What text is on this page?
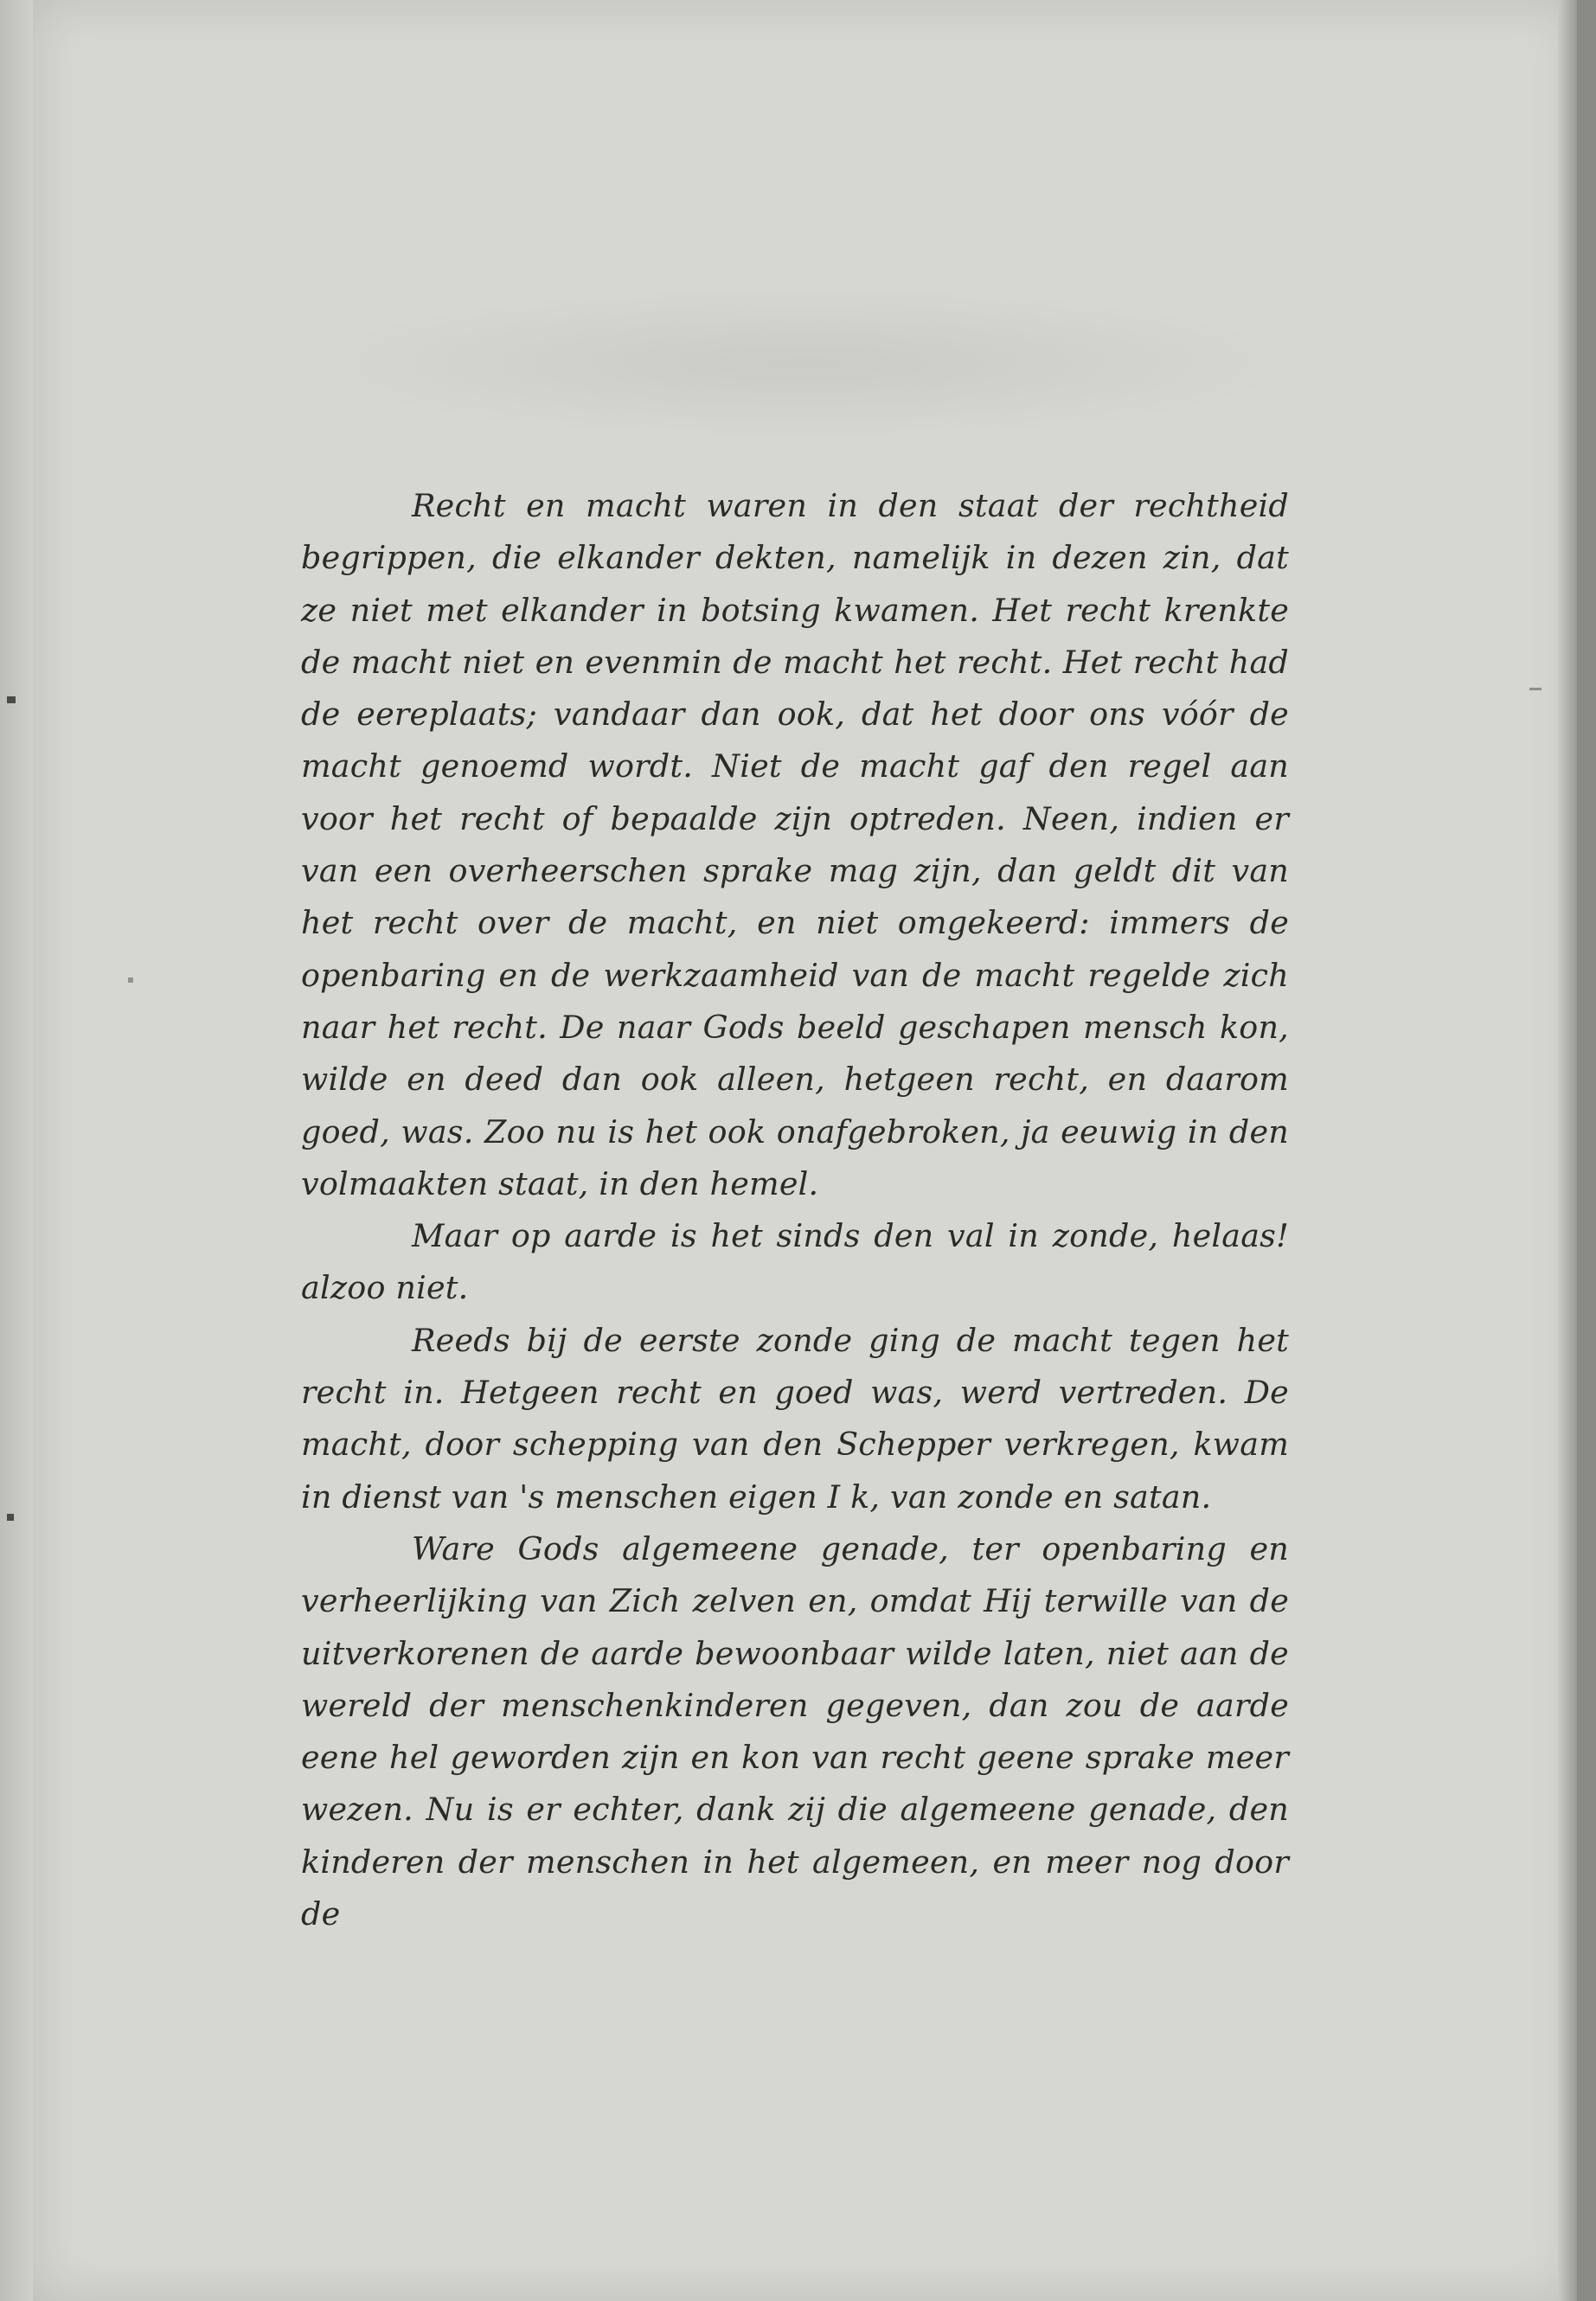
Recht en macht waren in den staat der rechtheid begrippen, die elkander dekten, namelijk in dezen zin, dat ze niet met elkander in botsing kwamen. Het recht krenkte de macht niet en evenmin de macht het recht. Het recht had de eereplaats; vandaar dan ook, dat het door ons vóór de macht genoemd wordt. Niet de macht gaf den regel aan voor het recht of bepaalde zijn optreden. Neen, indien er van een overheerschen sprake mag zijn, dan geldt dit van het recht over de macht, en niet omgekeerd: immers de openbaring en de werkzaamheid van de macht regelde zich naar het recht. De naar Gods beeld geschapen mensch kon, wilde en deed dan ook alleen, hetgeen recht, en daarom goed, was. Zoo nu is het ook onafgebroken, ja eeuwig in den volmaakten staat, in den hemel.

Maar op aarde is het sinds den val in zonde, helaas! alzoo niet.

Reeds bij de eerste zonde ging de macht tegen het recht in. Hetgeen recht en goed was, werd vertreden. De macht, door schepping van den Schepper verkregen, kwam in dienst van 's menschen eigen I k, van zonde en satan.

Ware Gods algemeene genade, ter openbaring en verheerlijking van Zich zelven en, omdat Hij terwille van de uitverkorenen de aarde bewoonbaar wilde laten, niet aan de wereld der menschenkinderen gegeven, dan zou de aarde eene hel geworden zijn en kon van recht geene sprake meer wezen. Nu is er echter, dank zij die algemeene genade, den kinderen der menschen in het algemeen, en meer nog door de
